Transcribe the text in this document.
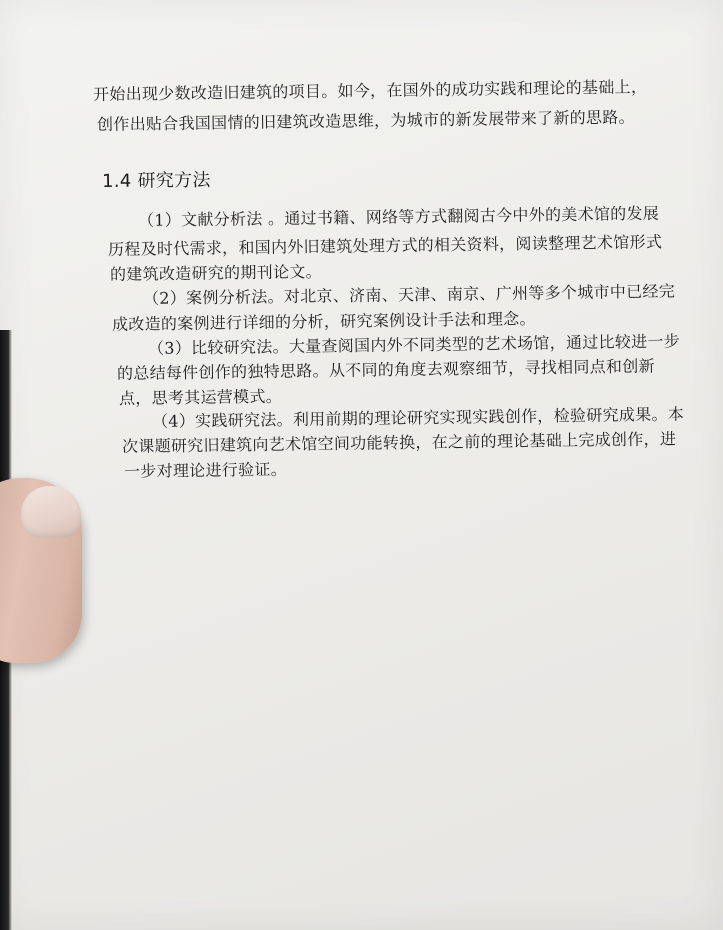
开始出现少数改造旧建筑的项目。如今，在国外的成功实践和理论的基础上，
创作出贴合我国国情的旧建筑改造思维，为城市的新发展带来了新的思路。
1.4 研究方法
（1）文献分析法 。通过书籍、网络等方式翻阅古今中外的美术馆的发展
历程及时代需求，和国内外旧建筑处理方式的相关资料，阅读整理艺术馆形式
的建筑改造研究的期刊论文。
（2）案例分析法。对北京、济南、天津、南京、广州等多个城市中已经完
成改造的案例进行详细的分析，研究案例设计手法和理念。
（3）比较研究法。大量查阅国内外不同类型的艺术场馆，通过比较进一步
的总结每件创作的独特思路。从不同的角度去观察细节，寻找相同点和创新
点，思考其运营模式。
（4）实践研究法。利用前期的理论研究实现实践创作，检验研究成果。本
次课题研究旧建筑向艺术馆空间功能转换，在之前的理论基础上完成创作，进
一步对理论进行验证。
